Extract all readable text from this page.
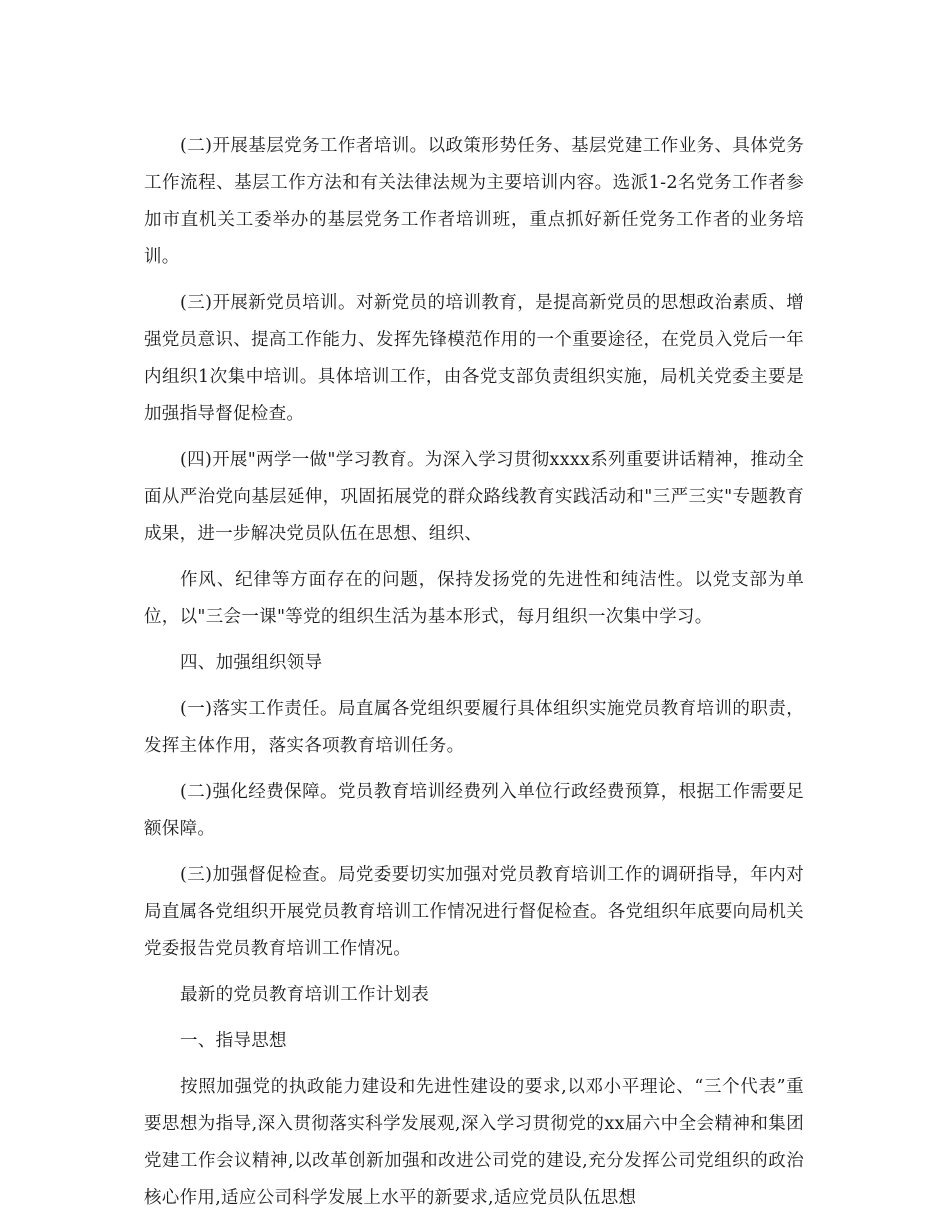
(二)开展基层党务工作者培训。以政策形势任务、基层党建工作业务、具体党务工作流程、基层工作方法和有关法律法规为主要培训内容。选派1-2名党务工作者参加市直机关工委举办的基层党务工作者培训班，重点抓好新任党务工作者的业务培训。

(三)开展新党员培训。对新党员的培训教育，是提高新党员的思想政治素质、增强党员意识、提高工作能力、发挥先锋模范作用的一个重要途径，在党员入党后一年内组织1次集中培训。具体培训工作，由各党支部负责组织实施，局机关党委主要是加强指导督促检查。

(四)开展"两学一做"学习教育。为深入学习贯彻xxxx系列重要讲话精神，推动全面从严治党向基层延伸，巩固拓展党的群众路线教育实践活动和"三严三实"专题教育成果，进一步解决党员队伍在思想、组织、

作风、纪律等方面存在的问题，保持发扬党的先进性和纯洁性。以党支部为单位，以"三会一课"等党的组织生活为基本形式，每月组织一次集中学习。

四、加强组织领导

(一)落实工作责任。局直属各党组织要履行具体组织实施党员教育培训的职责，发挥主体作用，落实各项教育培训任务。

(二)强化经费保障。党员教育培训经费列入单位行政经费预算，根据工作需要足额保障。

(三)加强督促检查。局党委要切实加强对党员教育培训工作的调研指导，年内对局直属各党组织开展党员教育培训工作情况进行督促检查。各党组织年底要向局机关党委报告党员教育培训工作情况。

最新的党员教育培训工作计划表

一、指导思想

按照加强党的执政能力建设和先进性建设的要求,以邓小平理论、“三个代表”重要思想为指导,深入贯彻落实科学发展观,深入学习贯彻党的xx届六中全会精神和集团党建工作会议精神,以改革创新加强和改进公司党的建设,充分发挥公司党组织的政治核心作用,适应公司科学发展上水平的新要求,适应党员队伍思想
